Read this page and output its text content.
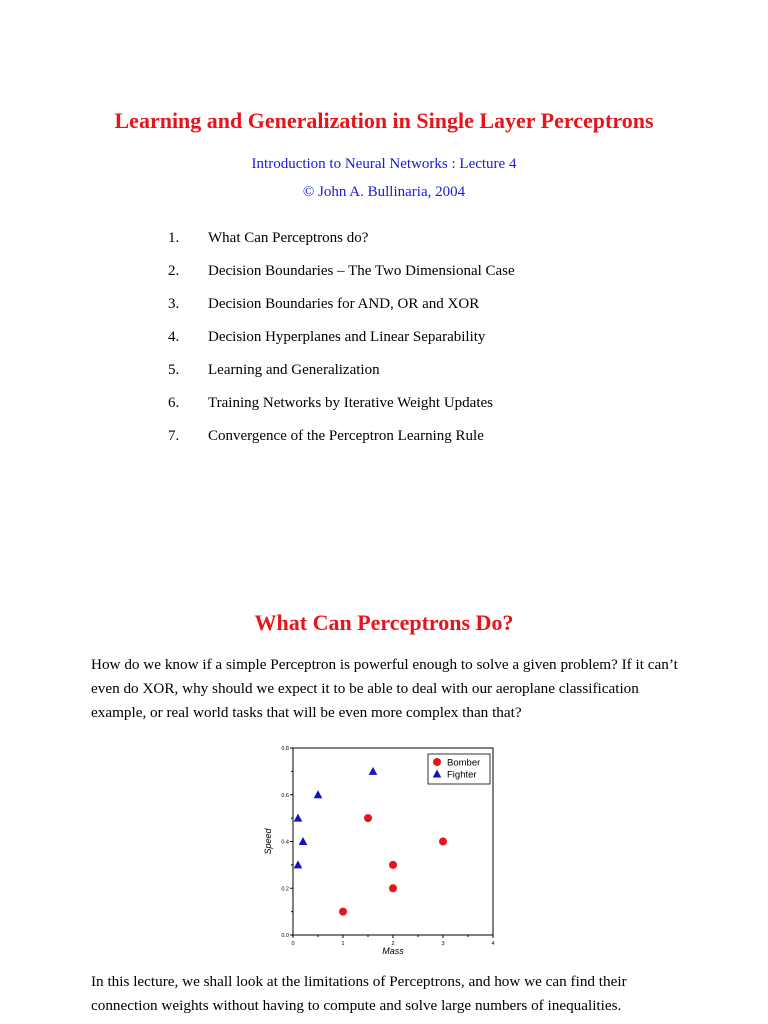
Learning and Generalization in Single Layer Perceptrons
Introduction to Neural Networks : Lecture 4
© John A. Bullinaria, 2004
1. What Can Perceptrons do?
2. Decision Boundaries – The Two Dimensional Case
3. Decision Boundaries for AND, OR and XOR
4. Decision Hyperplanes and Linear Separability
5. Learning and Generalization
6. Training Networks by Iterative Weight Updates
7. Convergence of the Perceptron Learning Rule
What Can Perceptrons Do?

How do we know if a simple Perceptron is powerful enough to solve a given problem? If it can’t even do XOR, why should we expect it to be able to deal with our aeroplane classification example, or real world tasks that will be even more complex than that?

0	1	2	3	4
0.0
0.2
0.4
0.6
0.8
Mass
Speed
Bomber
Fighter

In this lecture, we shall look at the limitations of Perceptrons, and how we can find their connection weights without having to compute and solve large numbers of inequalities.
